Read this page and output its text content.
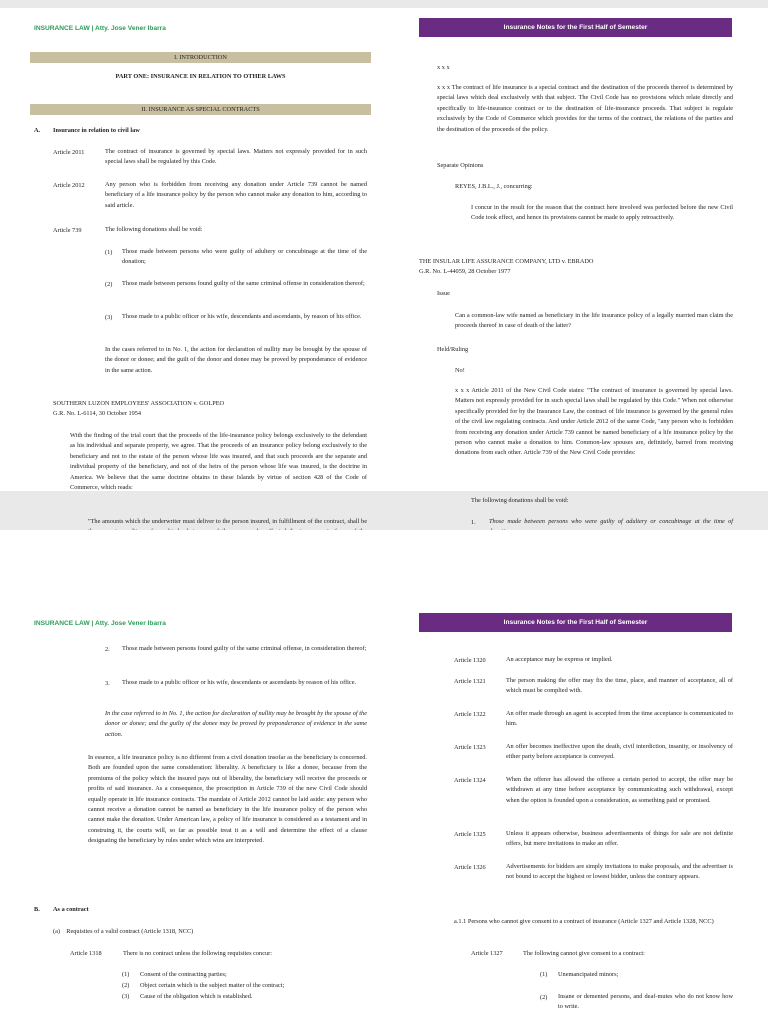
INSURANCE LAW | Atty. Jose Vener Ibarra	Insurance Notes for the First Half of Semester
I. INTRODUCTION
PART ONE: INSURANCE IN RELATION TO OTHER LAWS
II. INSURANCE AS SPECIAL CONTRACTS
A. Insurance in relation to civil law
Article 2011	The contract of insurance is governed by special laws. Matters not expressly provided for in such special laws shall be regulated by this Code.
Article 2012	Any person who is forbidden from receiving any donation under Article 739 cannot be named beneficiary of a life insurance policy by the person who cannot make any donation to him, according to said article.
Article 739	The following donations shall be void:
(1) Those made between persons who were guilty of adultery or concubinage at the time of the donation;
(2) Those made between persons found guilty of the same criminal offense in consideration thereof;
(3) Those made to a public officer or his wife, descendants and ascendants, by reason of his office.
In the cases referred to in No. 1, the action for declaration of nullity may be brought by the spouse of the donor or donee; and the guilt of the donor and donee may be proved by preponderance of evidence in the same action.
SOUTHERN LUZON EMPLOYEES' ASSOCIATION v. GOLPEO
G.R. No. L-6114, 30 October 1954
With the finding of the trial court that the proceeds of the life-insurance policy belongs exclusively to the defendant as his individual and separate property, we agree. That the proceeds of an insurance policy belong exclusively to the beneficiary and not to the estate of the person whose life was insured, and that such proceeds are the separate and individual property of the beneficiary, and not of the heirs of the person whose life was insured, is the doctrine in America. We believe that the same doctrine obtains in these Islands by virtue of section 428 of the Code of Commerce, which reads:
"The amounts which the underwriter must deliver to the person insured, in fulfillment of the contract, shall be
x x x
x x x The contract of life insurance is a special contract and the destination of the proceeds thereof is determined by special laws which deal exclusively with that subject. The Civil Code has no provisions which relate directly and specifically to life-insurance contract or to the destination of life-insurance proceeds. That subject is regulate exclusively by the Code of Commerce which provides for the terms of the contract, the relations of the parties and the destination of the proceeds of the policy.
Separate Opinions
REYES, J.B.L., J., concurring:
I concur in the result for the reason that the contract here involved was perfected before the new Civil Code took effect, and hence its provisions cannot be made to apply retroactively.
THE INSULAR LIFE ASSURANCE COMPANY, LTD v. EBRADO
G.R. No. L-44059, 28 October 1977
Issue
Can a common-law wife named as beneficiary in the life insurance policy of a legally married man claim the proceeds thereof in case of death of the latter?
Held/Ruling
No!
x x x Article 2011 of the New Civil Code states: "The contract of insurance is governed by special laws. Matters not expressly provided for in such special laws shall be regulated by this Code." When not otherwise specifically provided for by the Insurance Law, the contract of life insurance is governed by the general rules of the civil law regulating contracts. And under Article 2012 of the same Code, "any person who is forbidden from receiving any donation under Article 739 cannot be named beneficiary of a life insurance policy by the person who cannot make a donation to him. Common-law spouses are, definitely, barred from receiving donations from each other. Article 739 of the New Civil Code provides:
The following donations shall be void:
1. Those made between persons who were guilty of adultery or concubinage at the time of
INSURANCE LAW | Atty. Jose Vener Ibarra	Insurance Notes for the First Half of Semester
2. Those made between persons found guilty of the same criminal offense, in consideration thereof;
3. Those made to a public officer or his wife, descendants or ascendants by reason of his office.
In the case referred to in No. 1, the action for declaration of nullity may be brought by the spouse of the donor or donee; and the guilty of the donee may be proved by preponderance of evidence in the same action.
In essence, a life insurance policy is no different from a civil donation insofar as the beneficiary is concerned. Both are founded upon the same consideration: liberality. A beneficiary is like a donee, because from the premiums of the policy which the insured pays out of liberality, the beneficiary will receive the proceeds or profits of said insurance. As a consequence, the proscription in Article 739 of the new Civil Code should equally operate in life insurance contracts. The mandate of Article 2012 cannot be laid aside: any person who cannot receive a donation cannot be named as beneficiary in the life insurance policy of the person who cannot make the donation. Under American law, a policy of life insurance is considered as a testament and in construing it, the courts will, so far as possible treat it as a will and determine the effect of a clause designating the beneficiary by rules under which wins are interpreted.
B. As a contract
(a)    Requisites of a valid contract (Article 1318, NCC)
Article 1318	There is no contract unless the following requisites concur:
(1) Consent of the contracting parties;
(2) Object certain which is the subject matter of the contract;
(3) Cause of the obligation which is established.
Article 1320	An acceptance may be express or implied.
Article 1321	The person making the offer may fix the time, place, and manner of acceptance, all of which must be complied with.
Article 1322	An offer made through an agent is accepted from the time acceptance is communicated to him.
Article 1323	An offer becomes ineffective upon the death, civil interdiction, insanity, or insolvency of either party before acceptance is conveyed.
Article 1324	When the offerer has allowed the offeree a certain period to accept, the offer may be withdrawn at any time before acceptance by communicating such withdrawal, except when the option is founded upon a consideration, as something paid or promised.
Article 1325	Unless it appears otherwise, business advertisements of things for sale are not definite offers, but mere invitations to make an offer.
Article 1326	Advertisements for bidders are simply invitations to make proposals, and the advertiser is not bound to accept the highest or lowest bidder, unless the contrary appears.
a.1.1 Persons who cannot give consent to a contract of insurance (Article 1327 and Article 1328, NCC)
Article 1327	The following cannot give consent to a contract:
(1) Unemancipated minors;
(2) Insane or demented persons, and deaf-mutes who do not know how to write.
